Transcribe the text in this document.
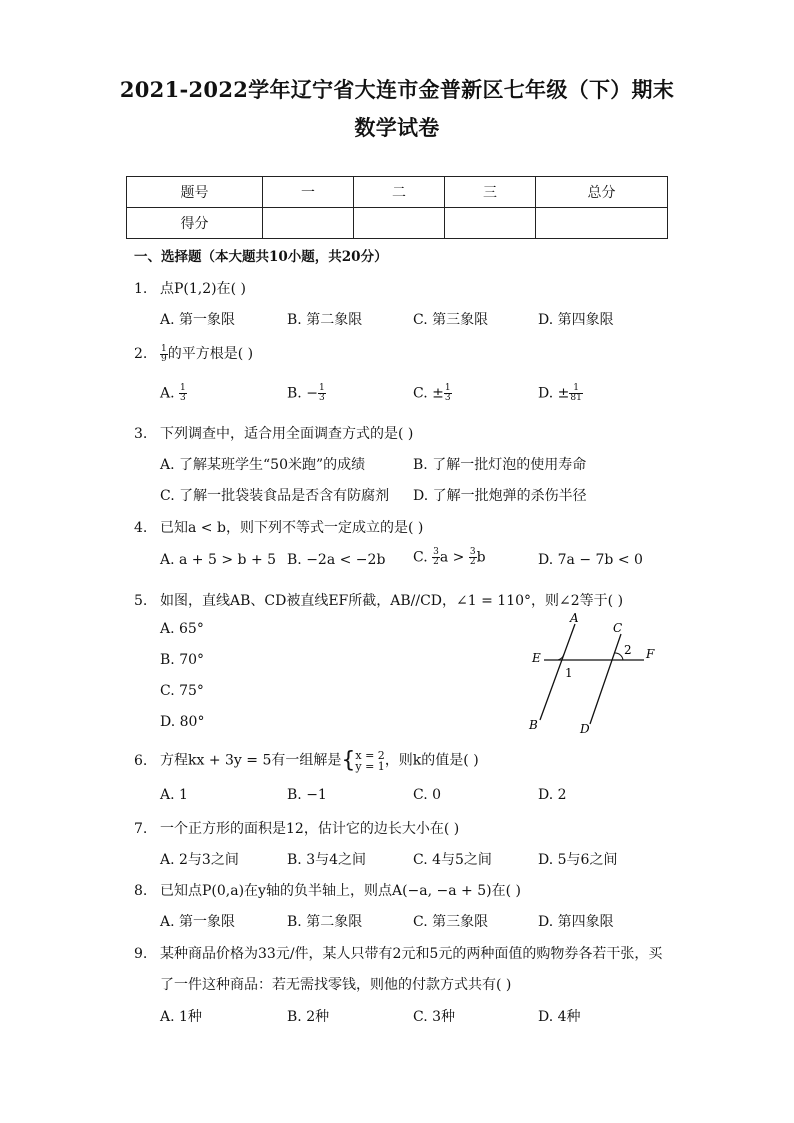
2021-2022学年辽宁省大连市金普新区七年级（下）期末
数学试卷
题号	一	二	三	总分
得分				
一、选择题（本大题共10小题，共20分）
1. 点P(1,2)在( )
A. 第一象限	B. 第二象限	C. 第三象限	D. 第四象限
2. $\frac{1}{9}$ 的平方根是( )
A. $\frac{1}{3}$	B. − $\frac{1}{3}$	C. ± $\frac{1}{3}$	D. ± $\frac{1}{81}$
3. 下列调查中，适合用全面调查方式的是( )
A. 了解某班学生“50米跑”的成绩	B. 了解一批灯泡的使用寿命
C. 了解一批袋装食品是否含有防腐剂 D. 了解一批炮弹的杀伤半径
4. 已知a < b，则下列不等式一定成立的是( )
A. a + 5 > b + 5 B. −2a < −2b C. $\frac{3}{2}$ $a > \frac{3}{2}$ b	D. 7a − 7b < 0
5. 如图，直线AB、CD被直线EF所截，AB//CD，∠1 = 110°，则∠2等于( )
A. 65°
B. 70°
C. 75°
D. 80°
A
C
E	F
2
1
B	D
6. 方程kx + 3y = 5有一组解是{ x = 2
y = 1 ，则k的值是( )
A. 1	B. −1	C. 0	D. 2
7. 一个正方形的面积是12，估计它的边长大小在( )
A. 2与3之间	B. 3与4之间	C. 4与5之间	D. 5与6之间
8. 已知点P(0,a)在y轴的负半轴上，则点A(−a, −a + 5)在( )
A. 第一象限	B. 第二象限	C. 第三象限	D. 第四象限
9. 某种商品价格为33元/件，某人只带有2元和5元的两种面值的购物券各若干张，买
了一件这种商品：若无需找零钱，则他的付款方式共有( )
A. 1种	B. 2种	C. 3种	D. 4种
